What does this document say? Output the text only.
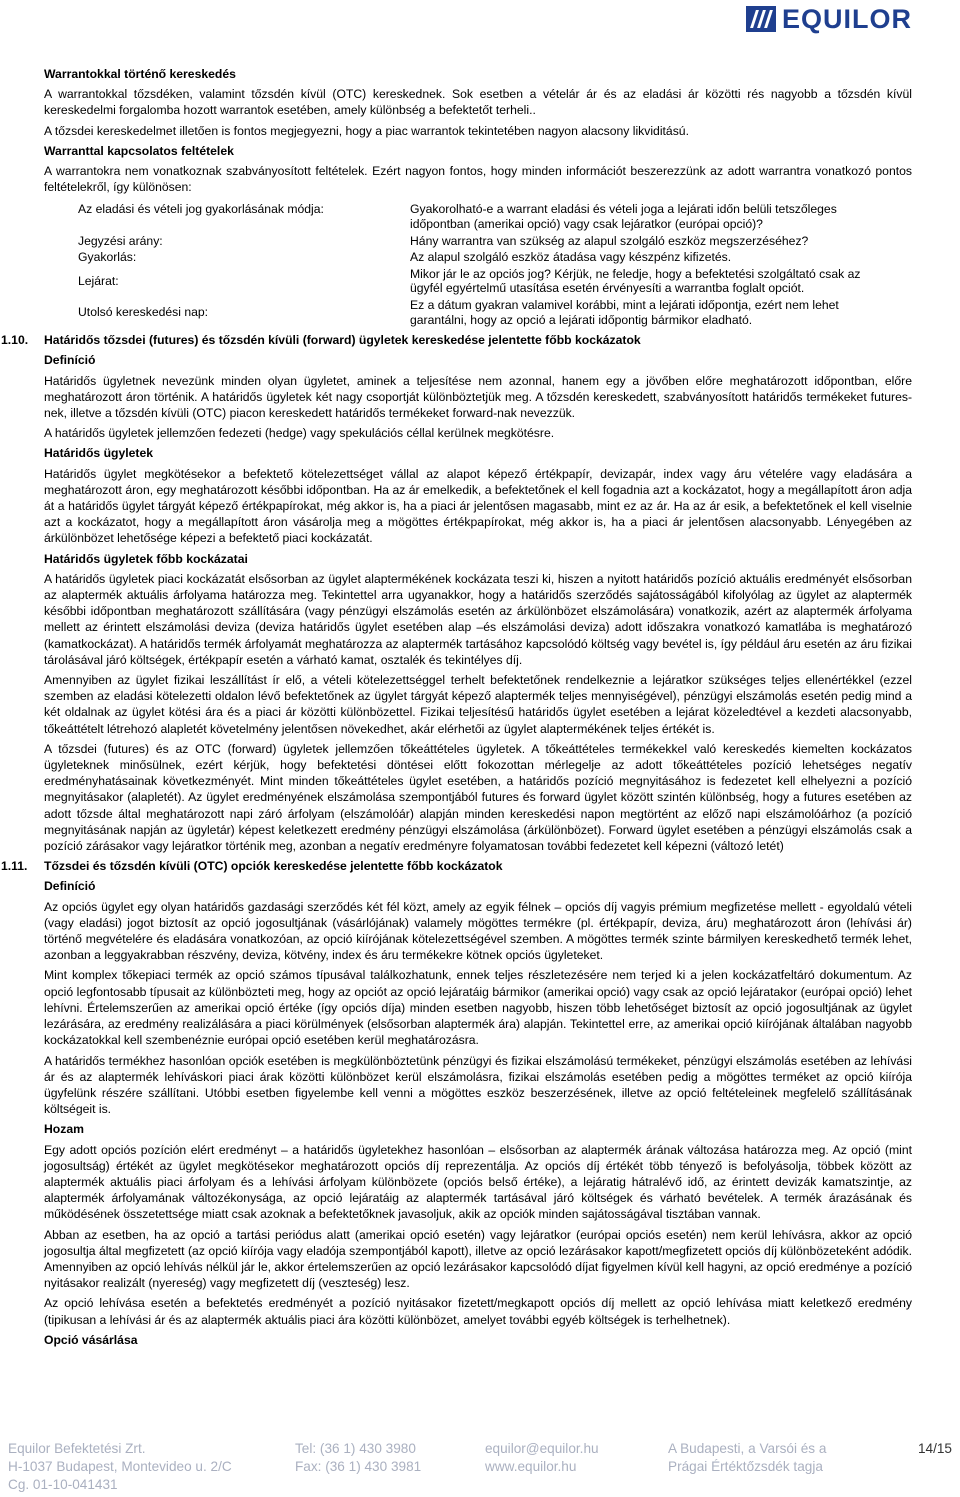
EQUILOR
Warrantokkal történő kereskedés

A warrantokkal tőzsdéken, valamint tőzsdén kívül (OTC) kereskednek. Sok esetben a vételár ár és az eladási ár közötti rés nagyobb a tőzsdén kívül kereskedelmi forgalomba hozott warrantok esetében, amely különbség a befektetőt terheli..

A tőzsdei kereskedelmet illetően is fontos megjegyezni, hogy a piac warrantok tekintetében nagyon alacsony likviditású.

Warranttal kapcsolatos feltételek

A warrantokra nem vonatkoznak szabványosított feltételek. Ezért nagyon fontos, hogy minden információt beszerezzünk az adott warrantra vonatkozó pontos feltételekről, így különösen:

Az eladási és vételi jog gyakorlásának módja:	Gyakorolható-e a warrant eladási és vételi joga a lejárati időn belüli tetszőleges időpontban (amerikai opció) vagy csak lejáratkor (európai opció)?
Jegyzési arány:	Hány warrantra van szükség az alapul szolgáló eszköz megszerzéséhez?
Gyakorlás:	Az alapul szolgáló eszköz átadása vagy készpénz kifizetés.
Lejárat:	Mikor jár le az opciós jog? Kérjük, ne feledje, hogy a befektetési szolgáltató csak az ügyfél egyértelmű utasítása esetén érvényesíti a warrantba foglalt opciót.
Utolsó kereskedési nap:	Ez a dátum gyakran valamivel korábbi, mint a lejárati időpontja, ezért nem lehet garantálni, hogy az opció a lejárati időpontig bármikor eladható.
1.10. Határidős tőzsdei (futures) és tőzsdén kívüli (forward) ügyletek kereskedése jelentette főbb kockázatok
Definíció

Határidős ügyletnek nevezünk minden olyan ügyletet, aminek a teljesítése nem azonnal, hanem egy a jövőben előre meghatározott időpontban, előre meghatározott áron történik. A határidős ügyletek két nagy csoportját különböztetjük meg. A tőzsdén kereskedett, szabványosított határidős termékeket futures-nek, illetve a tőzsdén kívüli (OTC) piacon kereskedett határidős termékeket forward-nak nevezzük.

A határidős ügyletek jellemzően fedezeti (hedge) vagy spekulációs céllal kerülnek megkötésre.

Határidős ügyletek

Határidős ügylet megkötésekor a befektető kötelezettséget vállal az alapot képező értékpapír, devizapár, index vagy áru vételére vagy eladására a meghatározott áron, egy meghatározott későbbi időpontban. Ha az ár emelkedik, a befektetőnek el kell fogadnia azt a kockázatot, hogy a megállapított áron adja át a határidős ügylet tárgyát képező értékpapírokat, még akkor is, ha a piaci ár jelentősen magasabb, mint ez az ár. Ha az ár esik, a befektetőnek el kell viselnie azt a kockázatot, hogy a megállapított áron vásárolja meg a mögöttes értékpapírokat, még akkor is, ha a piaci ár jelentősen alacsonyabb. Lényegében az árkülönbözet lehetősége képezi a befektető piaci kockázatát.

Határidős ügyletek főbb kockázatai

A határidős ügyletek piaci kockázatát elsősorban az ügylet alaptermékének kockázata teszi ki, hiszen a nyitott határidős pozíció aktuális eredményét elsősorban az alaptermék aktuális árfolyama határozza meg. Tekintettel arra ugyanakkor, hogy a határidős szerződés sajátosságából kifolyólag az ügylet az alaptermék későbbi időpontban meghatározott szállítására (vagy pénzügyi elszámolás esetén az árkülönbözet elszámolására) vonatkozik, azért az alaptermék árfolyama mellett az érintett elszámolási deviza (deviza határidős ügylet esetében alap –és elszámolási deviza) adott időszakra vonatkozó kamatlába is meghatározó (kamatkockázat). A határidős termék árfolyamát meghatározza az alaptermék tartásához kapcsolódó költség vagy bevétel is, így például áru esetén az áru fizikai tárolásával járó költségek, értékpapír esetén a várható kamat, osztalék és tekintélyes díj.

Amennyiben az ügylet fizikai leszállítást ír elő, a vételi kötelezettséggel terhelt befektetőnek rendelkeznie a lejáratkor szükséges teljes ellenértékkel (ezzel szemben az eladási kötelezetti oldalon lévő befektetőnek az ügylet tárgyát képező alaptermék teljes mennyiségével), pénzügyi elszámolás esetén pedig mind a két oldalnak az ügylet kötési ára és a piaci ár közötti különbözettel. Fizikai teljesítésű határidős ügylet esetében a lejárat közeledtével a kezdeti alacsonyabb, tőkeáttételt létrehozó alapletét követelmény jelentősen növekedhet, akár elérhetői az ügylet alaptermékének teljes értékét is.

A tőzsdei (futures) és az OTC (forward) ügyletek jellemzően tőkeáttételes ügyletek. A tőkeáttételes termékekkel való kereskedés kiemelten kockázatos ügyleteknek minősülnek, ezért kérjük, hogy befektetési döntései előtt fokozottan mérlegelje az adott tőkeáttételes pozíció lehetséges negatív eredményhatásainak következményét. Mint minden tőkeáttételes ügylet esetében, a határidős pozíció megnyitásához is fedezetet kell elhelyezni a pozíció megnyitásakor (alapletét). Az ügylet eredményének elszámolása szempontjából futures és forward ügylet között szintén különbség, hogy a futures esetében az adott tőzsde által meghatározott napi záró árfolyam (elszámolóár) alapján minden kereskedési napon megtörtént az előző napi elszámolóárhoz (a pozíció megnyitásának napján az ügyletár) képest keletkezett eredmény pénzügyi elszámolása (árkülönbözet). Forward ügylet esetében a pénzügyi elszámolás csak a pozíció zárásakor vagy lejáratkor történik meg, azonban a negatív eredményre folyamatosan további fedezetet kell képezni (változó letét)

1.11. Tőzsdei és tőzsdén kívüli (OTC) opciók kereskedése jelentette főbb kockázatok
Definíció

Az opciós ügylet egy olyan határidős gazdasági szerződés két fél közt, amely az egyik félnek – opciós díj vagyis prémium megfizetése mellett - egyoldalú vételi (vagy eladási) jogot biztosít az opció jogosultjának (vásárlójának) valamely mögöttes termékre (pl. értékpapír, deviza, áru) meghatározott áron (lehívási ár) történő megvételére és eladására vonatkozóan, az opció kiírójának kötelezettségével szemben. A mögöttes termék szinte bármilyen kereskedhető termék lehet, azonban a leggyakrabban részvény, deviza, kötvény, index és áru termékekre kötnek opciós ügyleteket.

Mint komplex tőkepiaci termék az opció számos típusával találkozhatunk, ennek teljes részletezésére nem terjed ki a jelen kockázatfeltáró dokumentum. Az opció legfontosabb típusait az különbözteti meg, hogy az opciót az opció lejáratáig bármikor (amerikai opció) vagy csak az opció lejáratakor (európai opció) lehet lehívni. Értelemszerűen az amerikai opció értéke (így opciós díja) minden esetben nagyobb, hiszen több lehetőséget biztosít az opció jogosultjának az ügylet lezárására, az eredmény realizálására a piaci körülmények (elsősorban alaptermék ára) alapján. Tekintettel erre, az amerikai opció kiírójának általában nagyobb kockázatokkal kell szembenéznie európai opció esetében kerül meghatározásra.

A határidős termékhez hasonlóan opciók esetében is megkülönböztetünk pénzügyi és fizikai elszámolású termékeket, pénzügyi elszámolás esetében az lehívási ár és az alaptermék lehíváskori piaci árak közötti különbözet kerül elszámolásra, fizikai elszámolás esetében pedig a mögöttes terméket az opció kiírója ügyfelünk részére szállítani. Utóbbi esetben figyelembe kell venni a mögöttes eszköz beszerzésének, illetve az opció feltételeinek megfelelő szállításának költségeit is.

Hozam

Egy adott opciós pozíción elért eredményt – a határidős ügyletekhez hasonlóan – elsősorban az alaptermék árának változása határozza meg. Az opció (mint jogosultság) értékét az ügylet megkötésekor meghatározott opciós díj reprezentálja. Az opciós díj értékét több tényező is befolyásolja, többek között az alaptermék aktuális piaci árfolyam és a lehívási árfolyam különbözete (opciós belső értéke), a lejáratig hátralévő idő, az érintett devizák kamatszintje, az alaptermék árfolyamának változékonysága, az opció lejáratáig az alaptermék tartásával járó költségek és várható bevételek. A termék árazásának és működésének összetettsége miatt csak azoknak a befektetőknek javasoljuk, akik az opciók minden sajátosságával tisztában vannak.

Abban az esetben, ha az opció a tartási periódus alatt (amerikai opció esetén) vagy lejáratkor (európai opciós esetén) nem kerül lehívásra, akkor az opció jogosultja által megfizetett (az opció kiírója vagy eladója szempontjából kapott), illetve az opció lezárásakor kapott/megfizetett opciós díj különbözeteként adódik. Amennyiben az opció lehívás nélkül jár le, akkor értelemszerűen az opció lezárásakor kapcsolódó díjat figyelmen kívül kell hagyni, az opció eredménye a pozíció nyitásakor realizált (nyereség) vagy megfizetett díj (veszteség) lesz.

Az opció lehívása esetén a befektetés eredményét a pozíció nyitásakor fizetett/megkapott opciós díj mellett az opció lehívása miatt keletkező eredmény (tipikusan a lehívási ár és az alaptermék aktuális piaci ára közötti különbözet, amelyet további egyéb költségek is terhelhetnek).

Opció vásárlása
Equilor Befektetési Zrt.
H-1037 Budapest, Montevideo u. 2/C
Cg. 01-10-041431
Tel: (36 1) 430 3980
Fax: (36 1) 430 3981
equilor@equilor.hu
www.equilor.hu
A Budapesti, a Varsói és a
Prágai Értéktőzsdék tagja
14/15
